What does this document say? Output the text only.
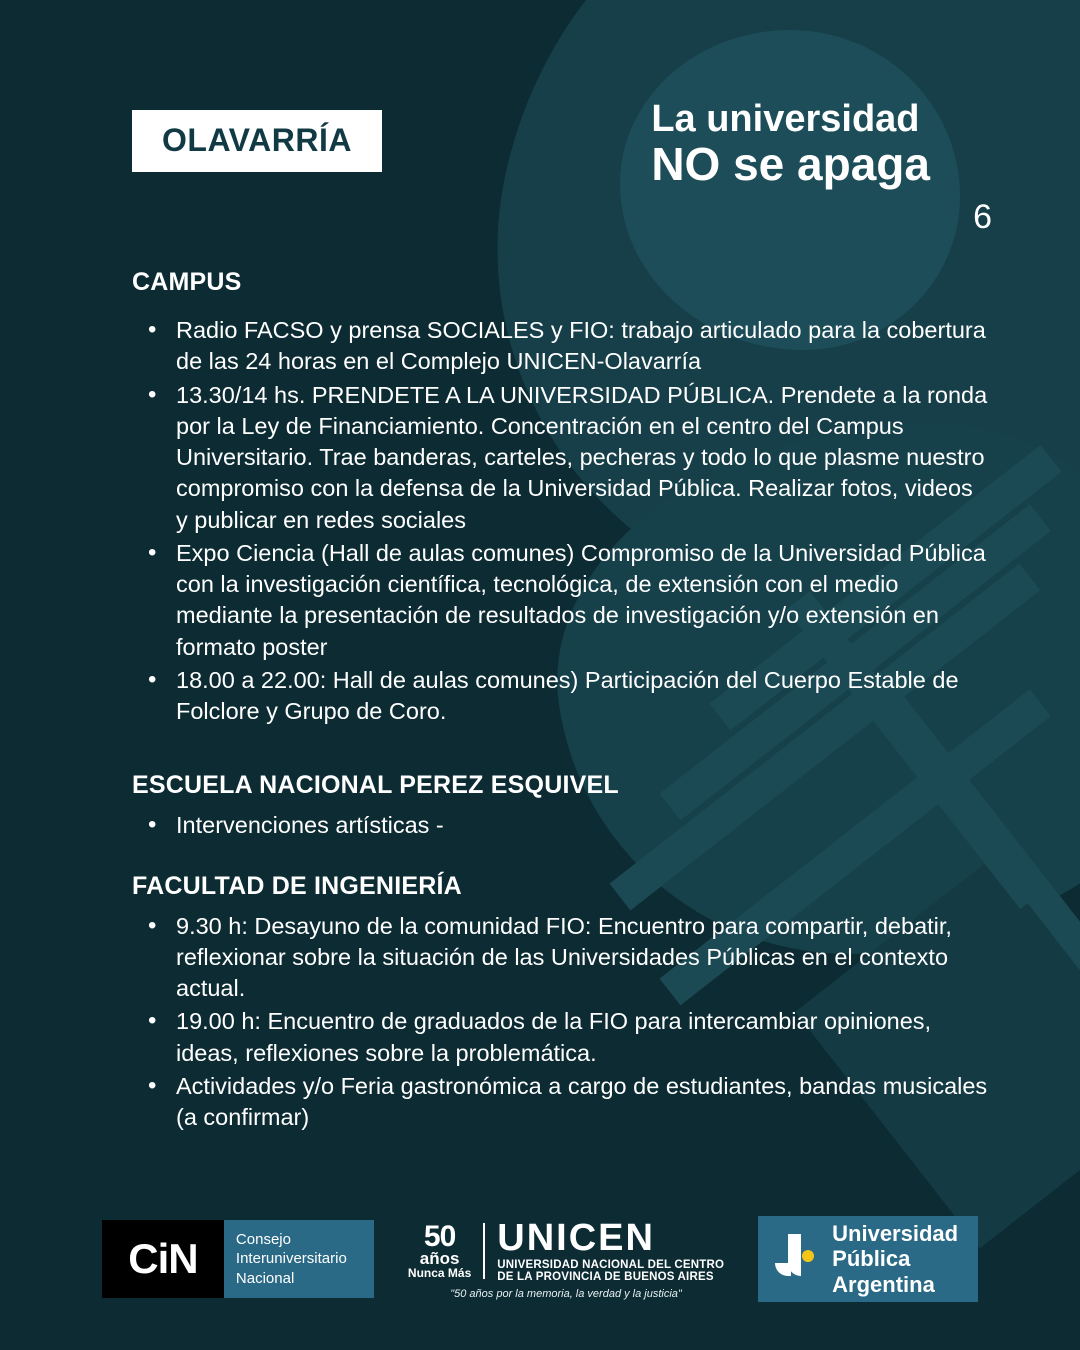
OLAVARRÍA	La universidad
NO se apaga
6
CAMPUS
• Radio FACSO y prensa SOCIALES y FIO: trabajo articulado para la cobertura de las 24 horas en el Complejo UNICEN-Olavarría
• 13.30/14 hs. PRENDETE A LA UNIVERSIDAD PÚBLICA. Prendete a la ronda por la Ley de Financiamiento. Concentración en el centro del Campus Universitario. Trae banderas, carteles, pecheras y todo lo que plasme nuestro compromiso con la defensa de la Universidad Pública. Realizar fotos, videos y publicar en redes sociales
• Expo Ciencia (Hall de aulas comunes) Compromiso de la Universidad Pública con la investigación científica, tecnológica, de extensión con el medio mediante la presentación de resultados de investigación y/o extensión en formato poster
• 18.00 a 22.00: Hall de aulas comunes) Participación del Cuerpo Estable de Folclore y Grupo de Coro.
ESCUELA NACIONAL PEREZ ESQUIVEL
• Intervenciones artísticas -
FACULTAD DE INGENIERÍA
• 9.30 h: Desayuno de la comunidad FIO: Encuentro para compartir, debatir, reflexionar sobre la situación de las Universidades Públicas en el contexto actual.
• 19.00 h: Encuentro de graduados de la FIO para intercambiar opiniones, ideas, reflexiones sobre la problemática.
• Actividades y/o Feria gastronómica a cargo de estudiantes, bandas musicales (a confirmar)
CiN	Consejo
Interuniversitario
Nacional
50
años
Nunca Más
UNICEN
UNIVERSIDAD NACIONAL DEL CENTRO
DE LA PROVINCIA DE BUENOS AIRES
"50 años por la memoria, la verdad y la justicia"
Universidad
Pública
Argentina
